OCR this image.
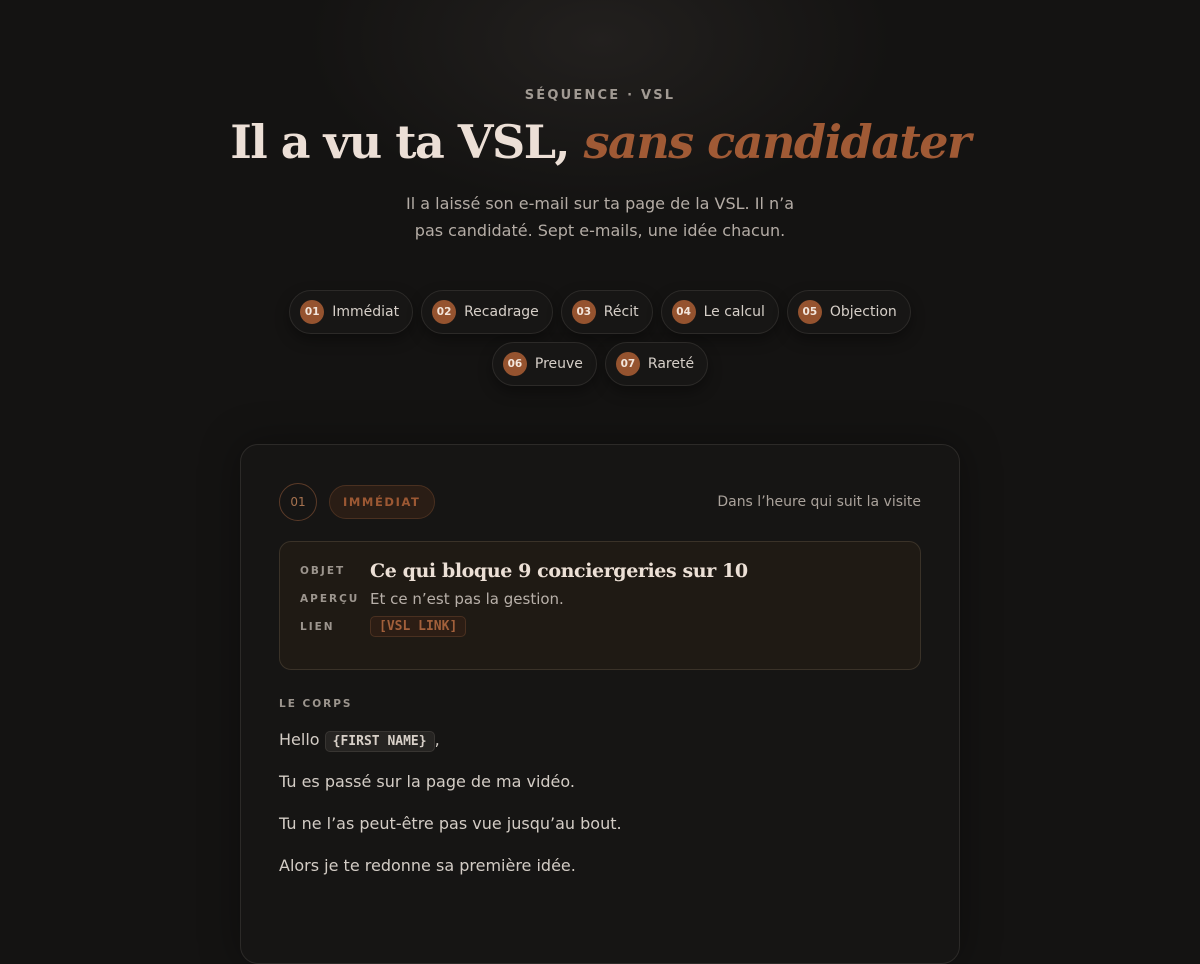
SÉQUENCE · VSL
Il a vu ta VSL, sans candidater

Il a laissé son e-mail sur ta page de la VSL. Il n’a pas candidaté. Sept e-mails, une idée chacun.

01 Immédiat	02 Recadrage	03 Récit	04 Le calcul	05 Objection
06 Preuve	07 Rareté
01	IMMÉDIAT	Dans l’heure qui suit la visite
OBJET	Ce qui bloque 9 conciergeries sur 10
APERÇU Et ce n’est pas la gestion.
LIEN	[VSL LINK]
LE CORPS

Hello {FIRST NAME} ,

Tu es passé sur la page de ma vidéo.

Tu ne l’as peut-être pas vue jusqu’au bout.

Alors je te redonne sa première idée.
